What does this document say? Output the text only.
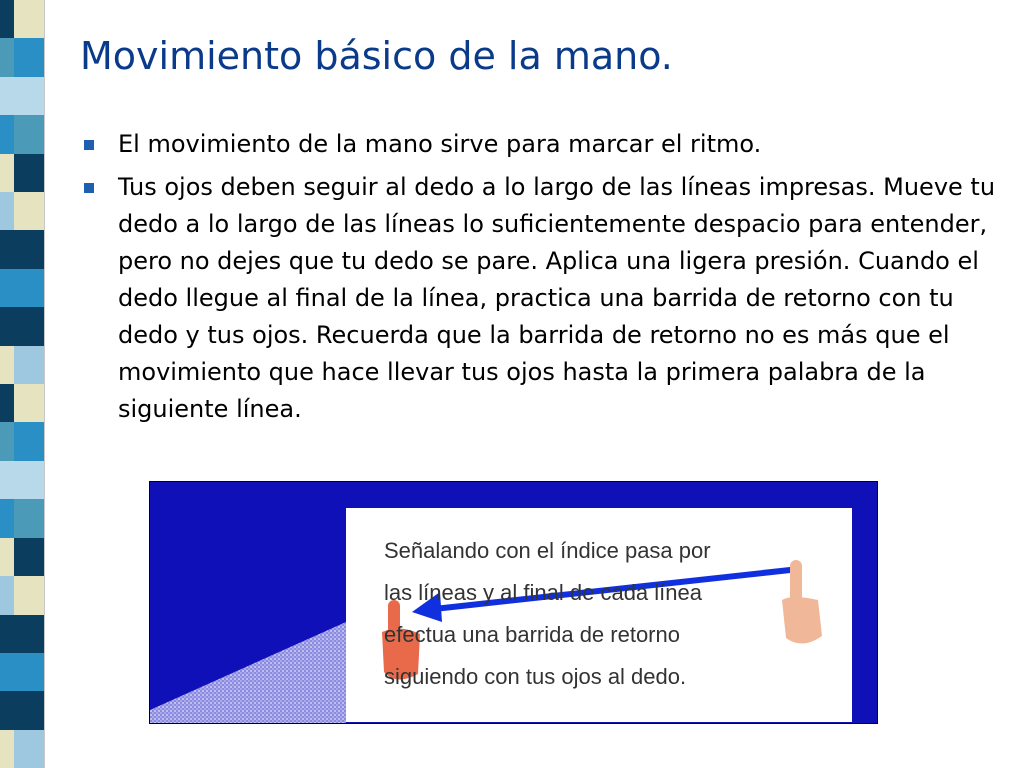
Movimiento básico de la mano.
El movimiento de la mano sirve para marcar el ritmo.
Tus ojos deben seguir al dedo a lo largo de las líneas impresas. Mueve tu dedo a lo largo de las líneas lo suficientemente despacio para entender, pero no dejes que tu dedo se pare. Aplica una ligera presión. Cuando el dedo llegue al final de la línea, practica una barrida de retorno con tu dedo y tus ojos. Recuerda que la barrida de retorno no es más que el movimiento que hace llevar tus ojos hasta la primera palabra de la siguiente línea.
Señalando con el índice pasa por
las líneas y al final de cada línea
efectua una barrida de retorno
siguiendo con tus ojos al dedo.
